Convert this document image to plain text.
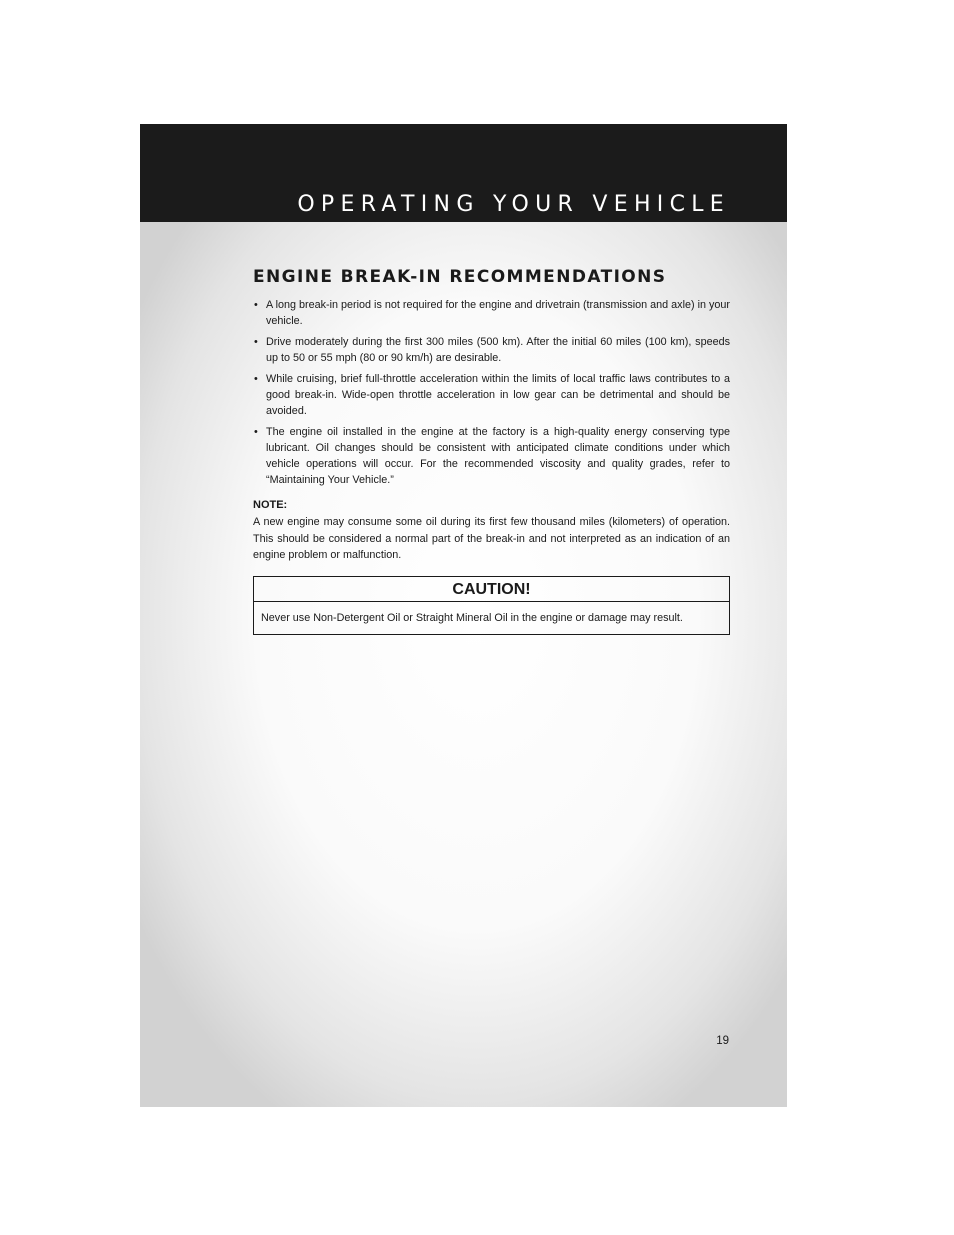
OPERATING YOUR VEHICLE
ENGINE BREAK-IN RECOMMENDATIONS
• A long break-in period is not required for the engine and drivetrain (transmission and axle) in your vehicle.
• Drive moderately during the first 300 miles (500 km). After the initial 60 miles (100 km), speeds up to 50 or 55 mph (80 or 90 km/h) are desirable.
• While cruising, brief full-throttle acceleration within the limits of local traffic laws contributes to a good break-in. Wide-open throttle acceleration in low gear can be detrimental and should be avoided.
• The engine oil installed in the engine at the factory is a high-quality energy conserving type lubricant. Oil changes should be consistent with anticipated climate conditions under which vehicle operations will occur. For the recommended viscosity and quality grades, refer to “Maintaining Your Vehicle.”
NOTE:

A new engine may consume some oil during its first few thousand miles (kilometers) of operation. This should be considered a normal part of the break-in and not interpreted as an indication of an engine problem or malfunction.

CAUTION!
Never use Non-Detergent Oil or Straight Mineral Oil in the engine or damage may result.
19
